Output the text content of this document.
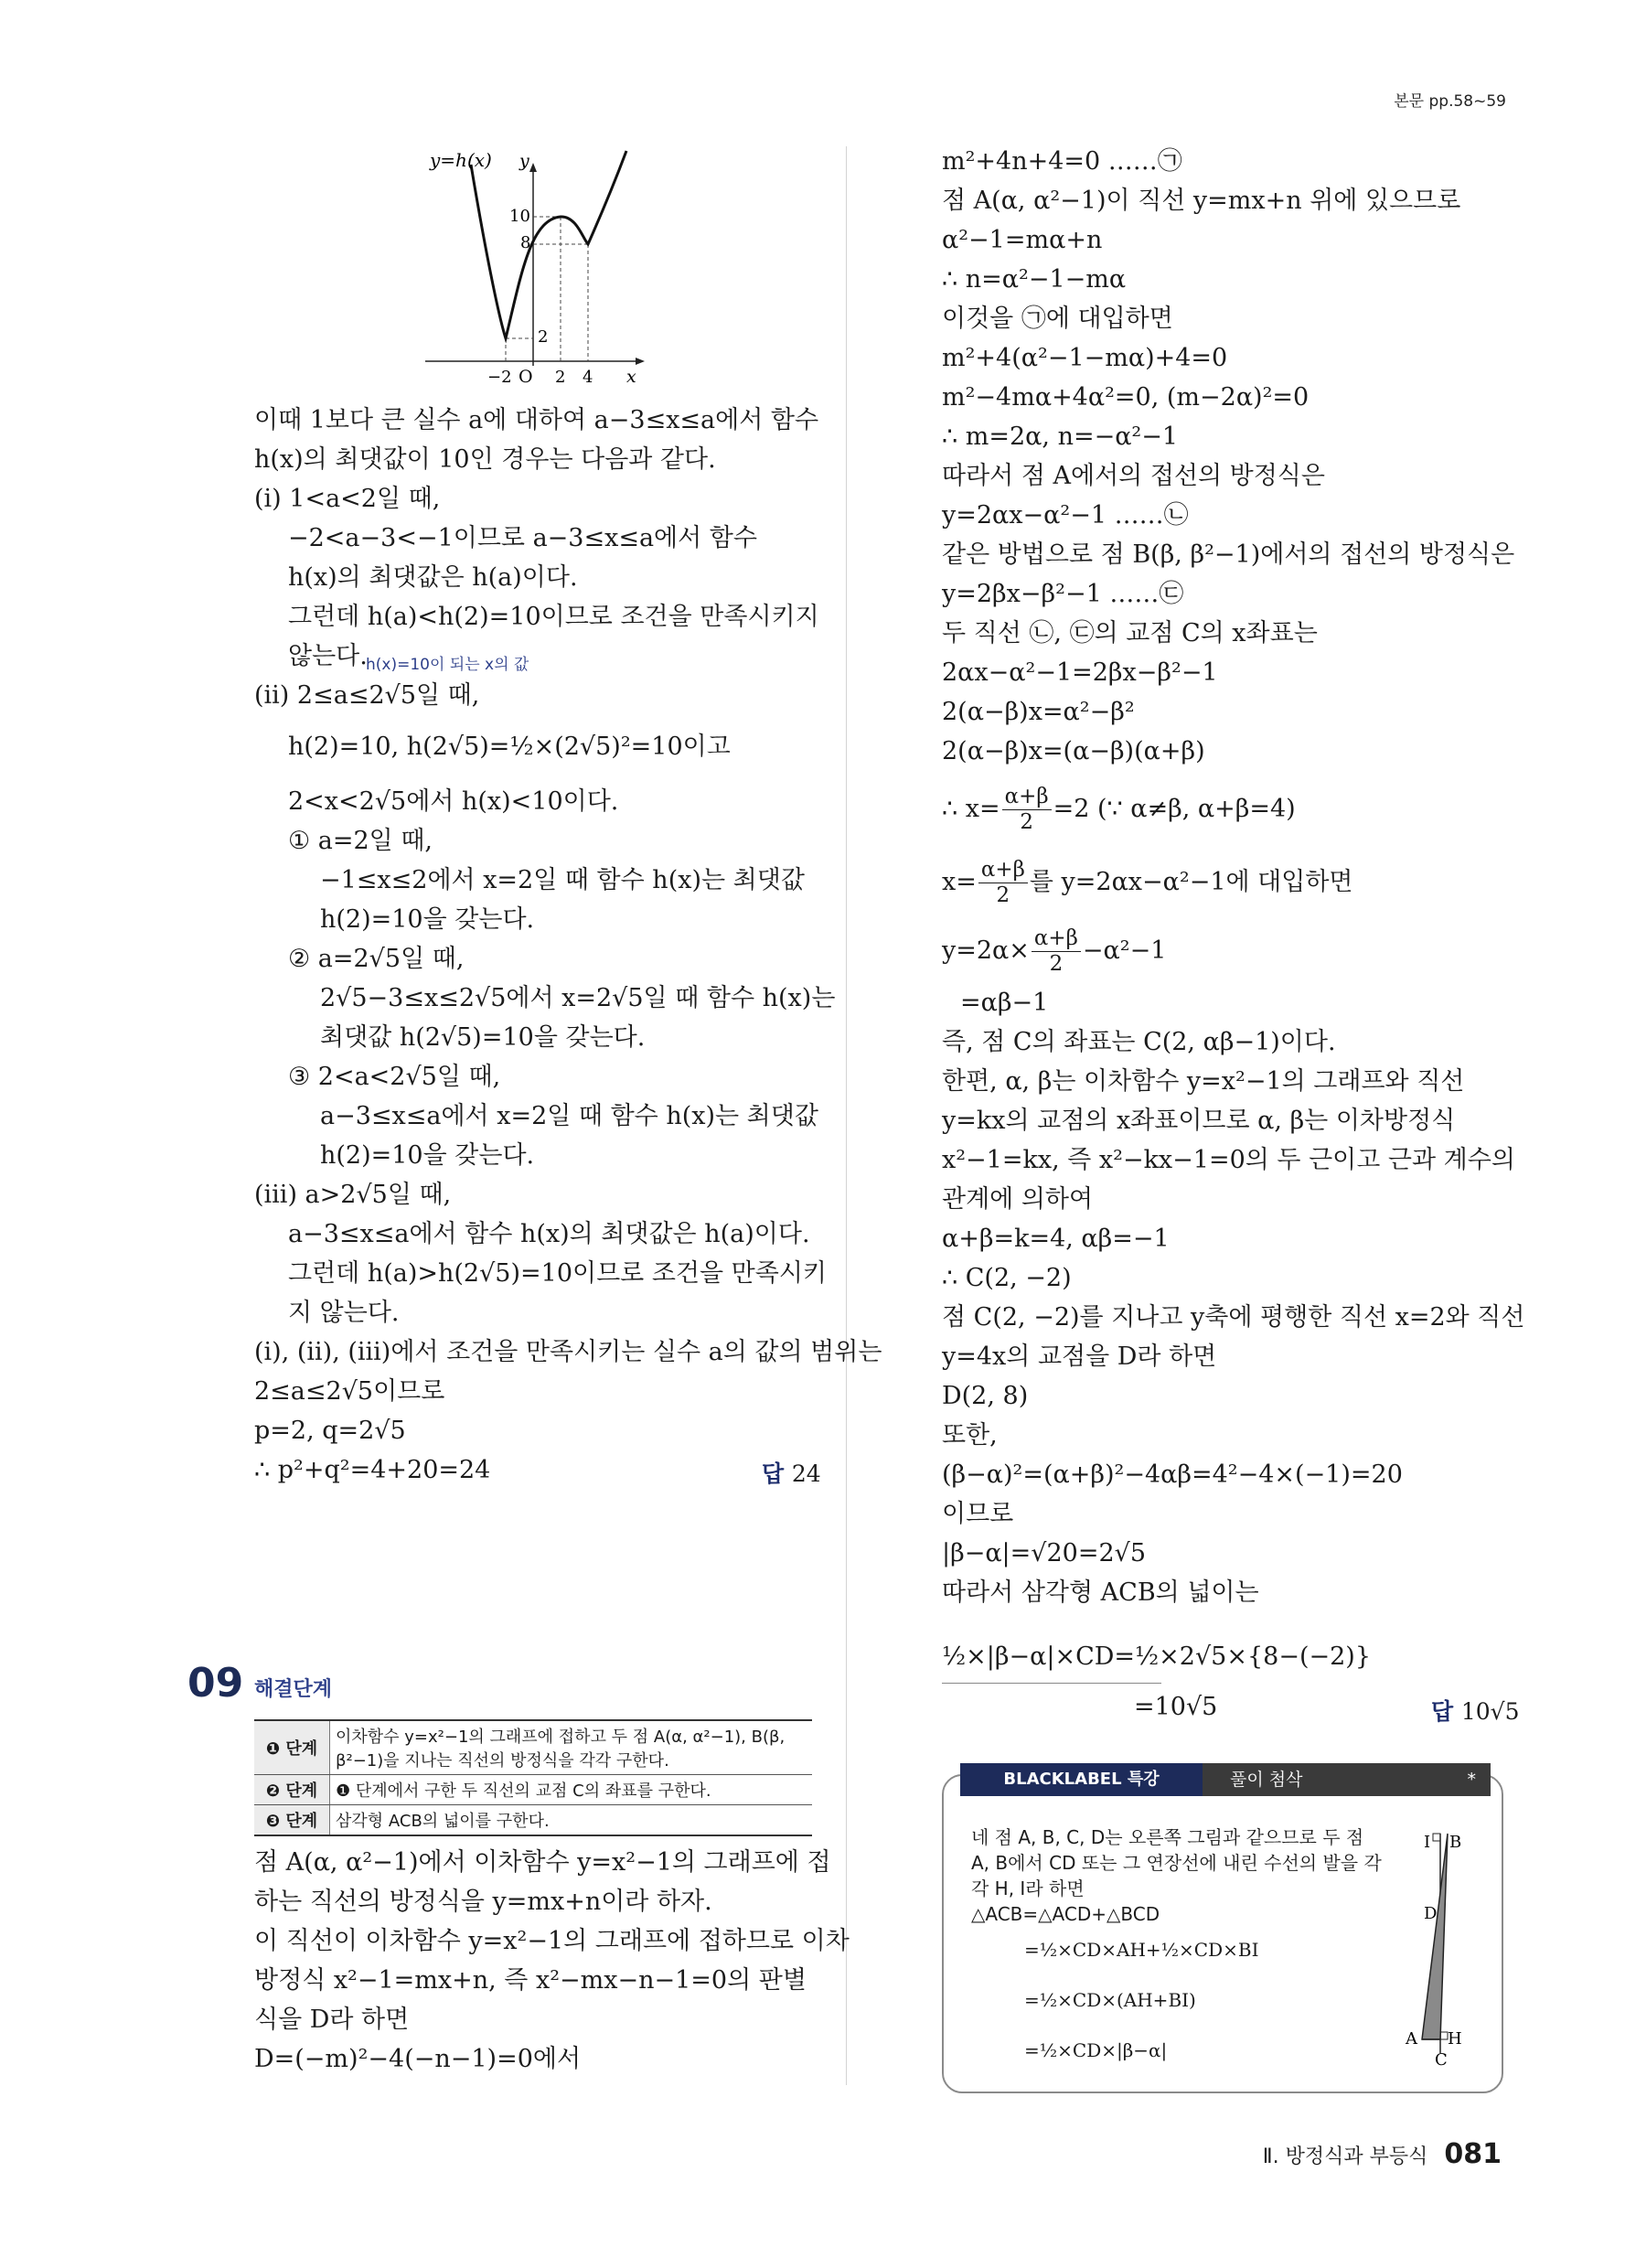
본문 pp.58~59
y=h(x) y
x
O
10
8
2
−2	2 4
이때 1보다 큰 실수 a에 대하여 a−3≤x≤a에서 함수
h(x)의 최댓값이 10인 경우는 다음과 같다.
(ⅰ) 1<a<2일 때,
−2<a−3<−1이므로 a−3≤x≤a에서 함수
h(x)의 최댓값은 h(a)이다.
그런데 h(a)<h(2)=10이므로 조건을 만족시키지
않는다.
h(x)=10이 되는 x의 값
(ⅱ) 2≤a≤2√5일 때,
h(2)=10, h(2√5)=½×(2√5)²=10이고
2<x<2√5에서 h(x)<10이다.
① a=2일 때,
−1≤x≤2에서 x=2일 때 함수 h(x)는 최댓값
h(2)=10을 갖는다.
② a=2√5일 때,
2√5−3≤x≤2√5에서 x=2√5일 때 함수 h(x)는
최댓값 h(2√5)=10을 갖는다.
③ 2<a<2√5일 때,
a−3≤x≤a에서 x=2일 때 함수 h(x)는 최댓값
h(2)=10을 갖는다.
(ⅲ) a>2√5일 때,
a−3≤x≤a에서 함수 h(x)의 최댓값은 h(a)이다.
그런데 h(a)>h(2√5)=10이므로 조건을 만족시키
지 않는다.
(ⅰ), (ⅱ), (ⅲ)에서 조건을 만족시키는 실수 a의 값의 범위는
2≤a≤2√5이므로
p=2, q=2√5
∴ p²+q²=4+20=24	답 24
09 해결단계
❶ 단계	이차함수 y=x²−1의 그래프에 접하고 두 점 A(α, α²−1), B(β, β²−1)을 지나는 직선의 방정식을 각각 구한다.
❷ 단계	❶ 단계에서 구한 두 직선의 교점 C의 좌표를 구한다.
❸ 단계	삼각형 ACB의 넓이를 구한다.
점 A(α, α²−1)에서 이차함수 y=x²−1의 그래프에 접
하는 직선의 방정식을 y=mx+n이라 하자.
이 직선이 이차함수 y=x²−1의 그래프에 접하므로 이차
방정식 x²−1=mx+n, 즉 x²−mx−n−1=0의 판별
식을 D라 하면
D=(−m)²−4(−n−1)=0에서
m²+4n+4=0 ……㉠
점 A(α, α²−1)이 직선 y=mx+n 위에 있으므로
α²−1=mα+n
∴ n=α²−1−mα
이것을 ㉠에 대입하면
m²+4(α²−1−mα)+4=0
m²−4mα+4α²=0, (m−2α)²=0
∴ m=2α, n=−α²−1
따라서 점 A에서의 접선의 방정식은
y=2αx−α²−1 ……㉡
같은 방법으로 점 B(β, β²−1)에서의 접선의 방정식은
y=2βx−β²−1 ……㉢
두 직선 ㉡, ㉢의 교점 C의 x좌표는
2αx−α²−1=2βx−β²−1
2(α−β)x=α²−β²
2(α−β)x=(α−β)(α+β)
∴ $x= \frac{\alpha+\beta}{2} =2$ (∵ α≠β, α+β=4)
$x= \frac{\alpha+\beta}{2}$ 를 y=2αx−α²−1에 대입하면
$y=2\alpha\times \frac{\alpha+\beta}{2} -\alpha^2-1$
=αβ−1
즉, 점 C의 좌표는 C(2, αβ−1)이다.
한편, α, β는 이차함수 y=x²−1의 그래프와 직선
y=kx의 교점의 x좌표이므로 α, β는 이차방정식
x²−1=kx, 즉 x²−kx−1=0의 두 근이고 근과 계수의
관계에 의하여
α+β=k=4, αβ=−1
∴ C(2, −2)
점 C(2, −2)를 지나고 y축에 평행한 직선 x=2와 직선
y=4x의 교점을 D라 하면
D(2, 8)
또한,
(β−α)²=(α+β)²−4αβ=4²−4×(−1)=20
이므로
|β−α|=√20=2√5
따라서 삼각형 ACB의 넓이는
½×|β−α|×CD=½×2√5×{8−(−2)}
=10√5	답 10√5
BLACKLABEL 특강	풀이 첨삭	*
네 점 A, B, C, D는 오른쪽 그림과 같으므로 두 점
A, B에서 CD 또는 그 연장선에 내린 수선의 발을 각
각 H, I라 하면
△ACB=△ACD+△BCD
=½×CD×AH+½×CD×BI
=½×CD×(AH+BI)
=½×CD×|β−α|
I B
D
A H
C
Ⅱ. 방정식과 부등식 081
